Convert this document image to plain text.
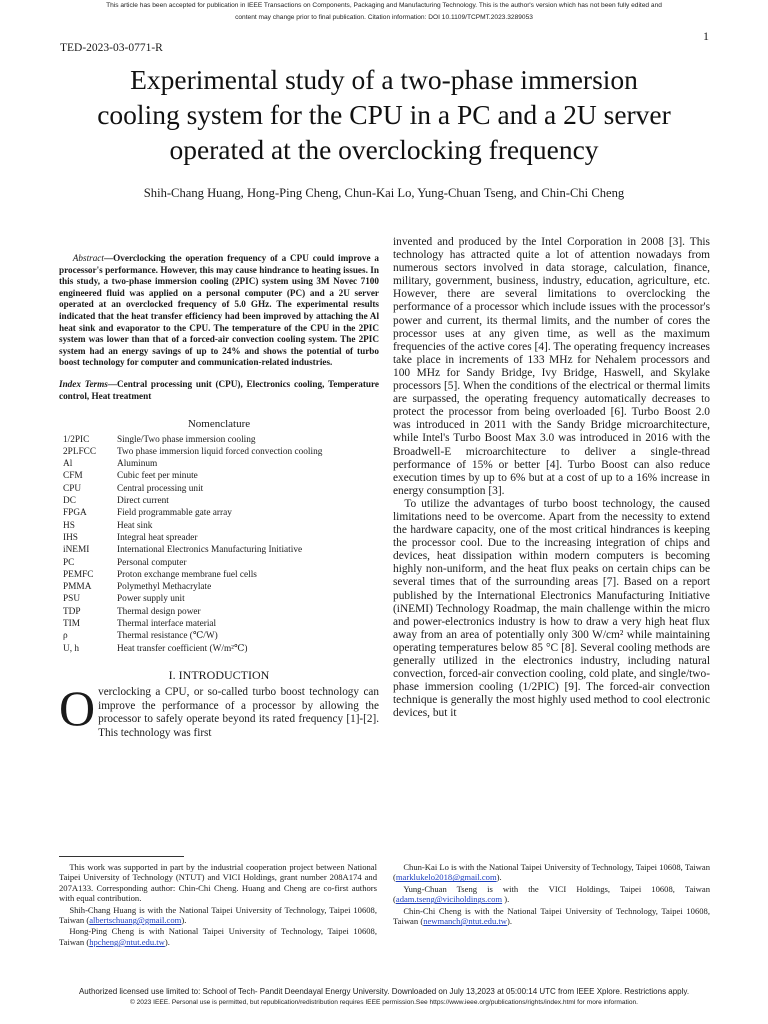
This article has been accepted for publication in IEEE Transactions on Components, Packaging and Manufacturing Technology. This is the author's version which has not been fully edited and
content may change prior to final publication. Citation information: DOI 10.1109/TCPMT.2023.3289053
TED-2023-03-0771-R
1
Experimental study of a two-phase immersion
cooling system for the CPU in a PC and a 2U server
operated at the overclocking frequency
Shih-Chang Huang, Hong-Ping Cheng, Chun-Kai Lo, Yung-Chuan Tseng, and Chin-Chi Cheng
Abstract—Overclocking the operation frequency of a CPU could improve a processor's performance. However, this may cause hindrance to heating issues. In this study, a two-phase immersion cooling (2PIC) system using 3M Novec 7100 engineered fluid was applied on a personal computer (PC) and a 2U server operated at an overclocked frequency of 5.0 GHz. The experimental results indicated that the heat transfer efficiency had been improved by attaching the Al heat sink and evaporator to the CPU. The temperature of the CPU in the 2PIC system was lower than that of a forced-air convection cooling system. The 2PIC system had an energy savings of up to 24% and shows the potential of turbo boost technology for computer and communication-related industries.
Index Terms—Central processing unit (CPU), Electronics cooling, Temperature control, Heat treatment
Nomenclature
1/2PIC	Single/Two phase immersion cooling
2PLFCC	Two phase immersion liquid forced convection cooling
Al	Aluminum
CFM	Cubic feet per minute
CPU	Central processing unit
DC	Direct current
FPGA	Field programmable gate array
HS	Heat sink
IHS	Integral heat spreader
iNEMI	International Electronics Manufacturing Initiative
PC	Personal computer
PEMFC	Proton exchange membrane fuel cells
PMMA	Polymethyl Methacrylate
PSU	Power supply unit
TDP	Thermal design power
TIM	Thermal interface material
ρ	Thermal resistance (℃/W)
U, h	Heat transfer coefficient (W/m²℃)
I. INTRODUCTION
Overclocking a CPU, or so-called turbo boost technology can improve the performance of a processor by allowing the processor to safely operate beyond its rated frequency [1]-[2]. This technology was first

invented and produced by the Intel Corporation in 2008 [3]. This technology has attracted quite a lot of attention nowadays from numerous sectors involved in data storage, calculation, finance, military, government, business, industry, education, agriculture, etc. However, there are several limitations to overclocking the performance of a processor which include issues with the processor's power and current, its thermal limits, and the number of cores the processor uses at any given time, as well as the maximum frequencies of the active cores [4]. The operating frequency increases take place in increments of 133 MHz for Nehalem processors and 100 MHz for Sandy Bridge, Ivy Bridge, Haswell, and Skylake processors [5]. When the conditions of the electrical or thermal limits are surpassed, the operating frequency automatically decreases to protect the processor from being overloaded [6]. Turbo Boost 2.0 was introduced in 2011 with the Sandy Bridge microarchitecture, while Intel's Turbo Boost Max 3.0 was introduced in 2016 with the Broadwell-E microarchitecture to deliver a single-thread performance of 15% or better [4]. Turbo Boost can also reduce execution times by up to 6% but at a cost of up to a 16% increase in energy consumption [3].

To utilize the advantages of turbo boost technology, the caused limitations need to be overcome. Apart from the necessity to extend the hardware capacity, one of the most critical hindrances is keeping the processor cool. Due to the increasing integration of chips and devices, heat dissipation within modern computers is becoming highly non-uniform, and the heat flux peaks on certain chips can be several times that of the surrounding areas [7]. Based on a report published by the International Electronics Manufacturing Initiative (iNEMI) Technology Roadmap, the main challenge within the micro and power-electronics industry is how to draw a very high heat flux away from an area of potentially only 300 W/cm² while maintaining operating temperatures below 85 °C [8]. Several cooling methods are generally utilized in the electronics industry, including natural convection, forced-air convection cooling, cold plate, and single/two-phase immersion cooling (1/2PIC) [9]. The forced-air convection technique is generally the most highly used method to cool electronic devices, but it

This work was supported in part by the industrial cooperation project between National Taipei University of Technology (NTUT) and VICI Holdings, grant number 208A174 and 207A133. Corresponding author: Chin-Chi Cheng. Huang and Cheng are co-first authors with equal contribution.

Shih-Chang Huang is with the National Taipei University of Technology, Taipei 10608, Taiwan (albertschuang@gmail.com).

Hong-Ping Cheng is with National Taipei University of Technology, Taipei 10608, Taiwan (hpcheng@ntut.edu.tw).

Chun-Kai Lo is with the National Taipei University of Technology, Taipei 10608, Taiwan (marklukelo2018@gmail.com).

Yung-Chuan Tseng is with the VICI Holdings, Taipei 10608, Taiwan (adam.tseng@viciholdings.com ).

Chin-Chi Cheng is with the National Taipei University of Technology, Taipei 10608, Taiwan (newmanch@ntut.edu.tw).

Authorized licensed use limited to: School of Tech- Pandit Deendayal Energy University. Downloaded on July 13,2023 at 05:00:14 UTC from IEEE Xplore. Restrictions apply.
© 2023 IEEE. Personal use is permitted, but republication/redistribution requires IEEE permission.See https://www.ieee.org/publications/rights/index.html for more information.
